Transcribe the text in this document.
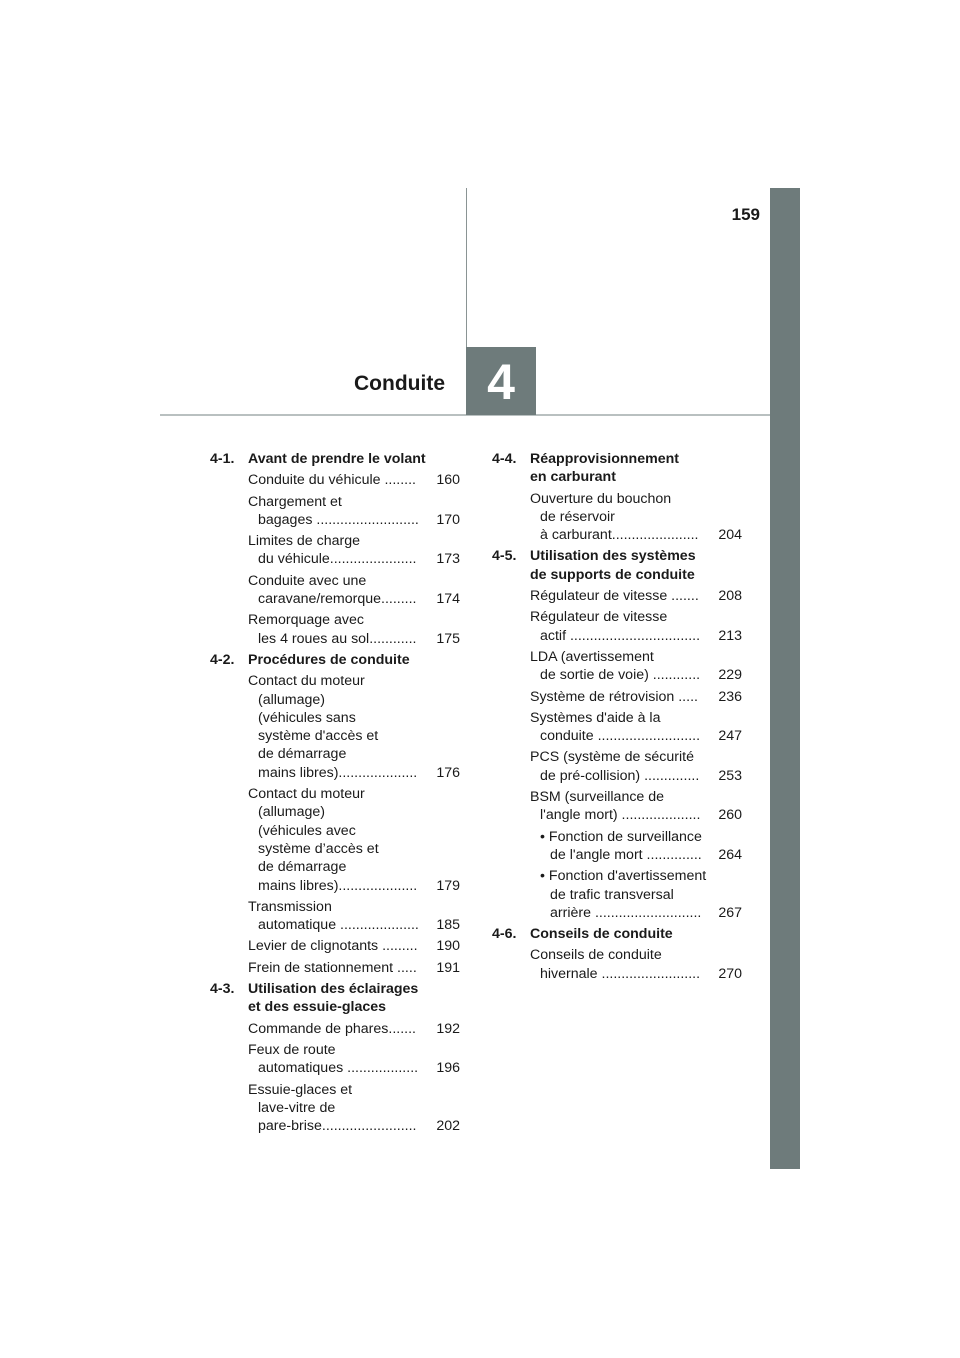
159
Conduite 4
4-1. Avant de prendre le volant
Conduite du véhicule ........	160
Chargement et
bagages ..........................	170
Limites de charge
du véhicule......................	173
Conduite avec une
caravane/remorque.........	174
Remorquage avec
les 4 roues au sol............	175
4-2. Procédures de conduite
Contact du moteur
(allumage)
(véhicules sans
système d'accès et
de démarrage
mains libres)....................	176
Contact du moteur
(allumage)
(véhicules avec
système d’accès et
de démarrage
mains libres)....................	179
Transmission
automatique ....................	185
Levier de clignotants .........	190
Frein de stationnement .....	191
4-3. Utilisation des éclairages
et des essuie-glaces
Commande de phares.......	192
Feux de route
automatiques ..................	196
Essuie-glaces et
lave-vitre de
pare-brise........................	202
4-4. Réapprovisionnement
en carburant
Ouverture du bouchon
de réservoir
à carburant......................	204
4-5. Utilisation des systèmes
de supports de conduite
Régulateur de vitesse .......	208
Régulateur de vitesse
actif .................................	213
LDA (avertissement
de sortie de voie) ............	229
Système de rétrovision .....	236
Systèmes d'aide à la
conduite ..........................	247
PCS (système de sécurité
de pré-collision) ..............	253
BSM (surveillance de
l'angle mort) ....................	260
• Fonction de surveillance
de l'angle mort ..............	264
• Fonction d'avertissement
de trafic transversal
arrière ...........................	267
4-6. Conseils de conduite
Conseils de conduite
hivernale .........................	270
